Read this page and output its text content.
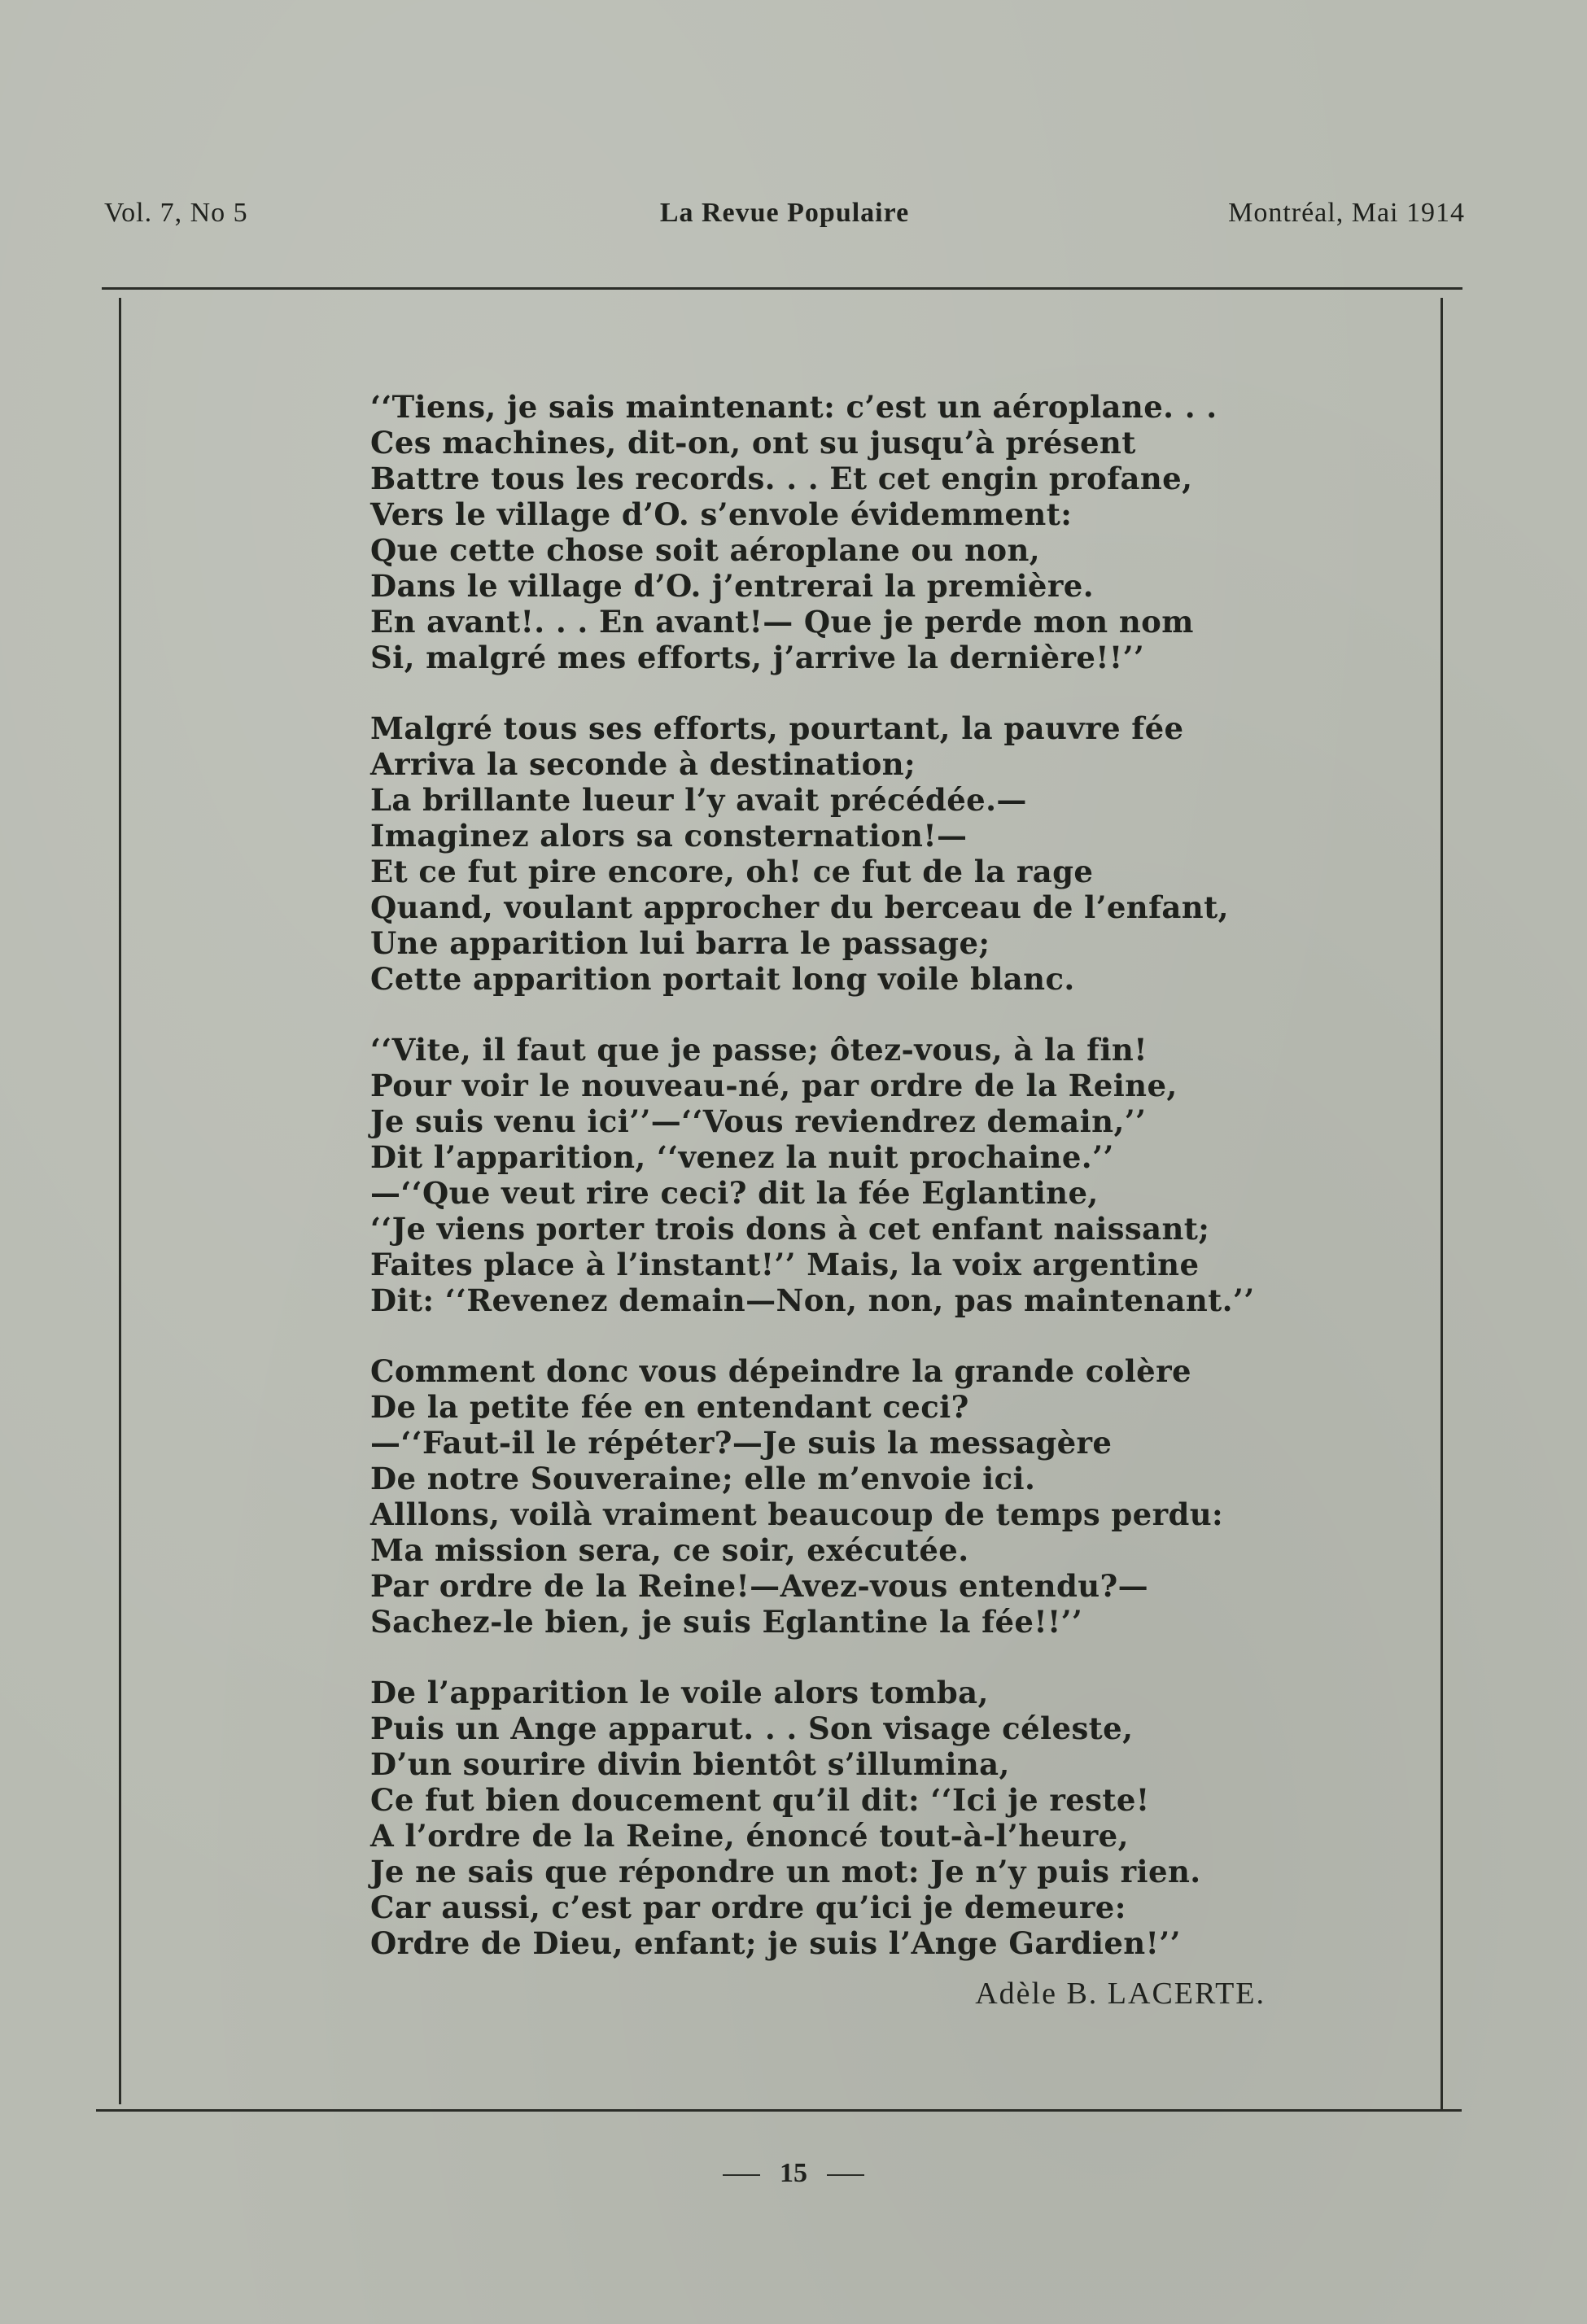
Vol. 7, No 5	La Revue Populaire	Montréal, Mai 1914
‘‘Tiens, je sais maintenant: c’est un aéroplane. . .
Ces machines, dit-on, ont su jusqu’à présent
Battre tous les records. . . Et cet engin profane,
Vers le village d’O. s’envole évidemment:
Que cette chose soit aéroplane ou non,
Dans le village d’O. j’entrerai la première.
En avant!. . . En avant!— Que je perde mon nom
Si, malgré mes efforts, j’arrive la dernière!!’’
Malgré tous ses efforts, pourtant, la pauvre fée
Arriva la seconde à destination;
La brillante lueur l’y avait précédée.—
Imaginez alors sa consternation!—
Et ce fut pire encore, oh! ce fut de la rage
Quand, voulant approcher du berceau de l’enfant,
Une apparition lui barra le passage;
Cette apparition portait long voile blanc.
‘‘Vite, il faut que je passe; ôtez-vous, à la fin!
Pour voir le nouveau-né, par ordre de la Reine,
Je suis venu ici’’—‘‘Vous reviendrez demain,’’
Dit l’apparition, ‘‘venez la nuit prochaine.’’
—‘‘Que veut rire ceci? dit la fée Eglantine,
‘‘Je viens porter trois dons à cet enfant naissant;
Faites place à l’instant!’’ Mais, la voix argentine
Dit: ‘‘Revenez demain—Non, non, pas maintenant.’’
Comment donc vous dépeindre la grande colère
De la petite fée en entendant ceci?
—‘‘Faut-il le répéter?—Je suis la messagère
De notre Souveraine; elle m’envoie ici.
Alllons, voilà vraiment beaucoup de temps perdu:
Ma mission sera, ce soir, exécutée.
Par ordre de la Reine!—Avez-vous entendu?—
Sachez-le bien, je suis Eglantine la fée!!’’
De l’apparition le voile alors tomba,
Puis un Ange apparut. . . Son visage céleste,
D’un sourire divin bientôt s’illumina,
Ce fut bien doucement qu’il dit: ‘‘Ici je reste!
A l’ordre de la Reine, énoncé tout-à-l’heure,
Je ne sais que répondre un mot: Je n’y puis rien.
Car aussi, c’est par ordre qu’ici je demeure:
Ordre de Dieu, enfant; je suis l’Ange Gardien!’’
Adèle B. LACERTE.
15
